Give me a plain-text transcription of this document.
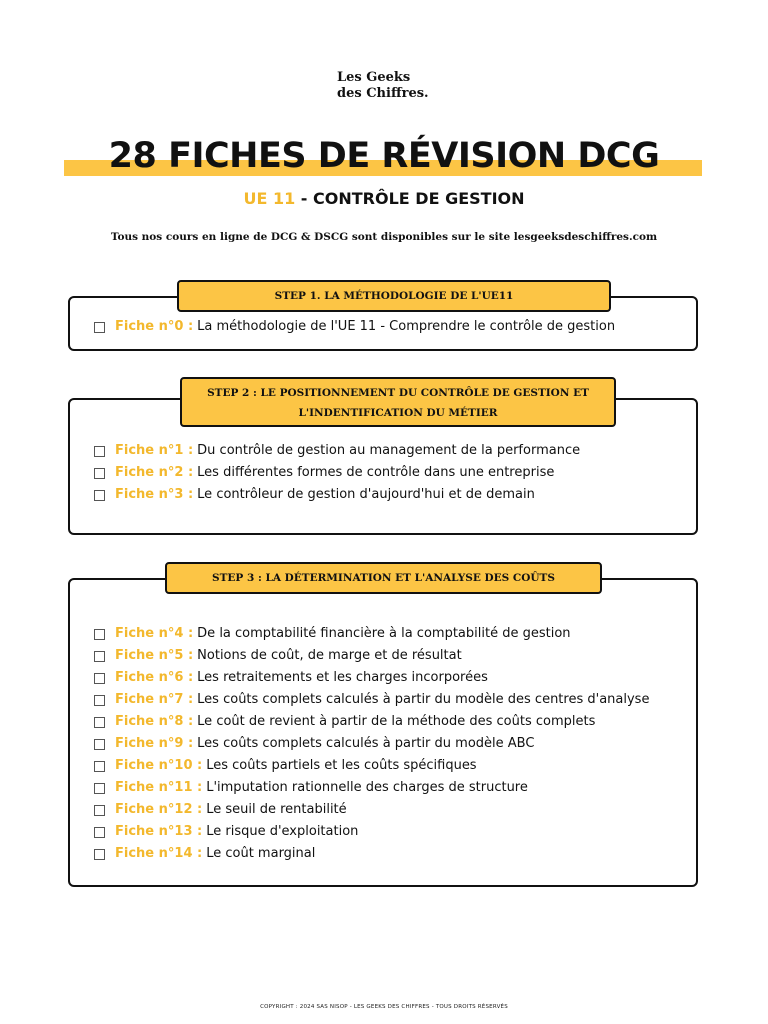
Les Geeks
des Chiffres.
28 FICHES DE RÉVISION DCG
UE 11 - CONTRÔLE DE GESTION
Tous nos cours en ligne de DCG & DSCG sont disponibles sur le site lesgeeksdeschiffres.com
STEP 1. LA MÉTHODOLOGIE DE L'UE11
Fiche n°0 : La méthodologie de l'UE 11 - Comprendre le contrôle de gestion
STEP 2 : LE POSITIONNEMENT DU CONTRÔLE DE GESTION ET
L'INDENTIFICATION DU MÉTIER
Fiche n°1 : Du contrôle de gestion au management de la performance
Fiche n°2 : Les différentes formes de contrôle dans une entreprise
Fiche n°3 : Le contrôleur de gestion d'aujourd'hui et de demain
STEP 3 : LA DÉTERMINATION ET L'ANALYSE DES COÛTS
Fiche n°4 : De la comptabilité financière à la comptabilité de gestion
Fiche n°5 : Notions de coût, de marge et de résultat
Fiche n°6 : Les retraitements et les charges incorporées
Fiche n°7 : Les coûts complets calculés à partir du modèle des centres d'analyse
Fiche n°8 : Le coût de revient à partir de la méthode des coûts complets
Fiche n°9 : Les coûts complets calculés à partir du modèle ABC
Fiche n°10 : Les coûts partiels et les coûts spécifiques
Fiche n°11 : L'imputation rationnelle des charges de structure
Fiche n°12 : Le seuil de rentabilité
Fiche n°13 : Le risque d'exploitation
Fiche n°14 : Le coût marginal
COPYRIGHT : 2024 SAS NISOP - LES GEEKS DES CHIFFRES - TOUS DROITS RÉSERVÉS
